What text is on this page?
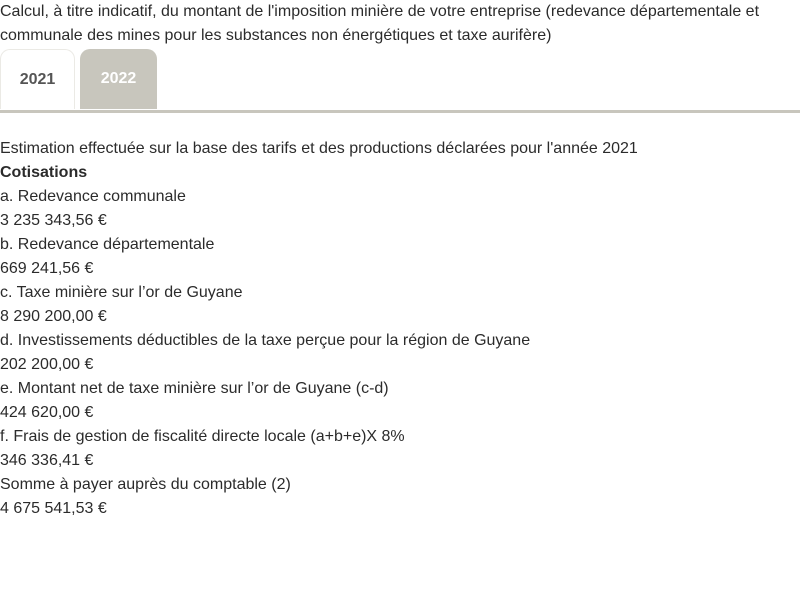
Calcul, à titre indicatif, du montant de l'imposition minière de votre entreprise (redevance départementale et communale des mines pour les substances non énergétiques et taxe aurifère)

2021	2022
Estimation effectuée sur la base des tarifs et des productions déclarées pour l'année 2021
Cotisations
a. Redevance communale
3 235 343,56 €
b. Redevance départementale
669 241,56 €
c. Taxe minière sur l’or de Guyane
8 290 200,00 €
d. Investissements déductibles de la taxe perçue pour la région de Guyane
202 200,00 €
e. Montant net de taxe minière sur l’or de Guyane (c-d)
424 620,00 €
f. Frais de gestion de fiscalité directe locale (a+b+e)X 8%
346 336,41 €
Somme à payer auprès du comptable (2)
4 675 541,53 €
